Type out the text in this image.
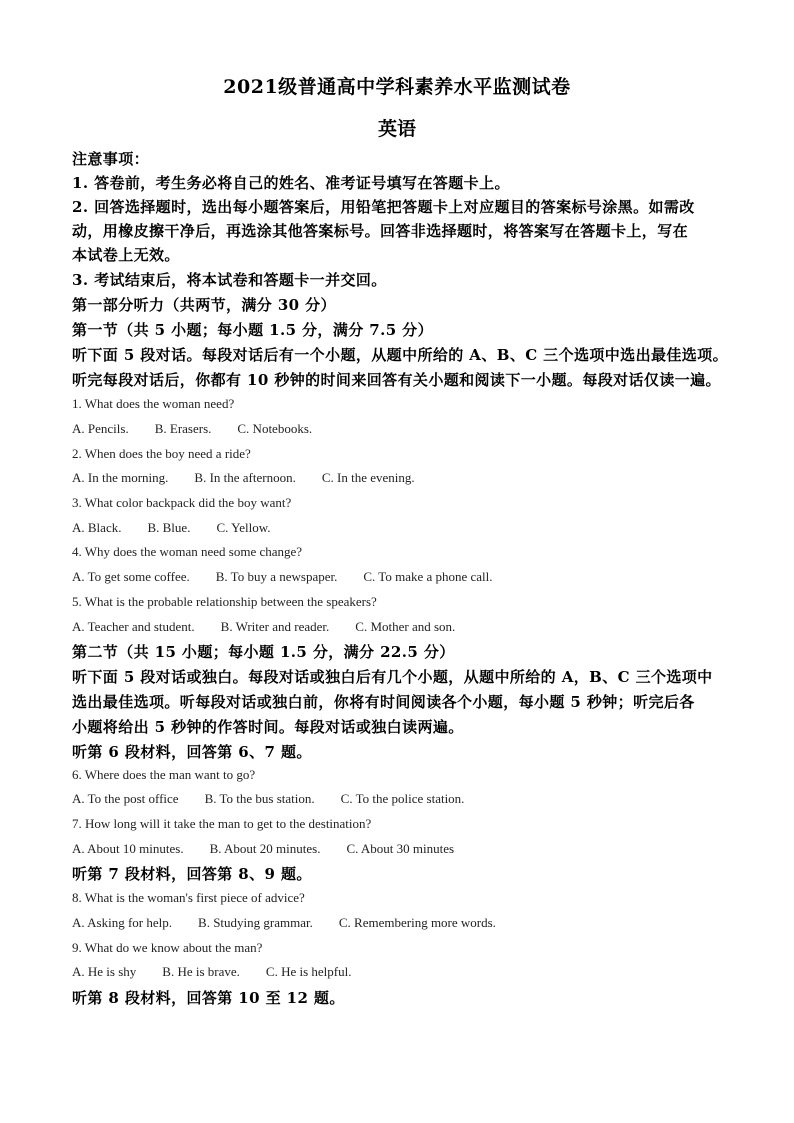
2021级普通高中学科素养水平监测试卷
英语
注意事项：
1. 答卷前，考生务必将自己的姓名、准考证号填写在答题卡上。
2. 回答选择题时，选出每小题答案后，用铅笔把答题卡上对应题目的答案标号涂黑。如需改
动，用橡皮擦干净后，再选涂其他答案标号。回答非选择题时，将答案写在答题卡上，写在
本试卷上无效。
3. 考试结束后，将本试卷和答题卡一并交回。
第一部分听力（共两节，满分 30 分）
第一节（共 5 小题；每小题 1.5 分，满分 7.5 分）
听下面 5 段对话。每段对话后有一个小题，从题中所给的 A、B、C 三个选项中选出最佳选项。
听完每段对话后，你都有 10 秒钟的时间来回答有关小题和阅读下一小题。每段对话仅读一遍。
1. What does the woman need?
A. Pencils. B. Erasers. C. Notebooks.
2. When does the boy need a ride?
A. In the morning. B. In the afternoon. C. In the evening.
3. What color backpack did the boy want?
A. Black. B. Blue. C. Yellow.
4. Why does the woman need some change?
A. To get some coffee. B. To buy a newspaper. C. To make a phone call.
5. What is the probable relationship between the speakers?
A. Teacher and student. B. Writer and reader. C. Mother and son.
第二节（共 15 小题；每小题 1.5 分，满分 22.5 分）
听下面 5 段对话或独白。每段对话或独白后有几个小题，从题中所给的 A，B、C 三个选项中
选出最佳选项。听每段对话或独白前，你将有时间阅读各个小题，每小题 5 秒钟；听完后各
小题将给出 5 秒钟的作答时间。每段对话或独白读两遍。
听第 6 段材料，回答第 6、7 题。
6. Where does the man want to go?
A. To the post office B. To the bus station. C. To the police station.
7. How long will it take the man to get to the destination?
A. About 10 minutes. B. About 20 minutes. C. About 30 minutes
听第 7 段材料，回答第 8、9 题。
8. What is the woman's first piece of advice?
A. Asking for help. B. Studying grammar. C. Remembering more words.
9. What do we know about the man?
A. He is shy B. He is brave. C. He is helpful.
听第 8 段材料，回答第 10 至 12 题。
